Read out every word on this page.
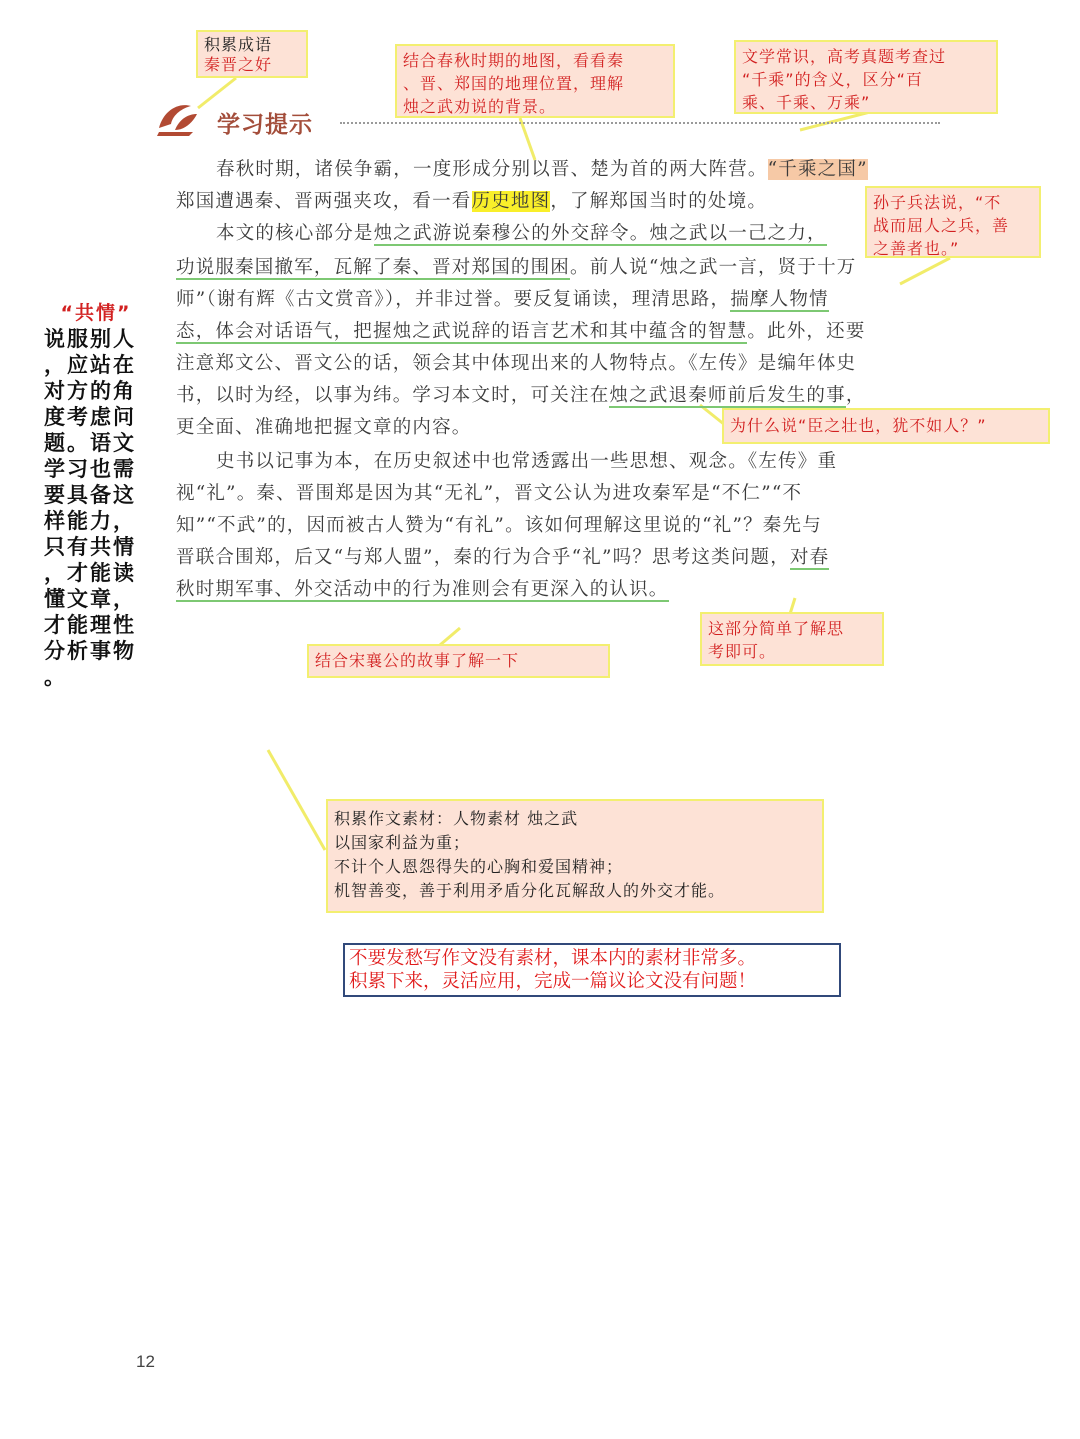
积累成语
秦晋之好	结合春秋时期的地图，看看秦
、晋、郑国的地理位置，理解
烛之武劝说的背景。
文学常识，高考真题考查过
“千乘”的含义，区分“百
乘、千乘、万乘”
孙子兵法说，“不
战而屈人之兵，善
之善者也。”
为什么说“臣之壮也，犹不如人？”
结合宋襄公的故事了解一下
这部分简单了解思
考即可。
积累作文素材：人物素材 烛之武
以国家利益为重；
不计个人恩怨得失的心胸和爱国精神；
机智善变，善于利用矛盾分化瓦解敌人的外交才能。
学习提示
“共情”
说服别人
，应站在
对方的角
度考虑问
题。语文
学习也需
要具备这
样能力，
只有共情
，才能读
懂文章，
才能理性
分析事物
。
春秋时期，诸侯争霸，一度形成分别以晋、楚为首的两大阵营。“千乘之国”
郑国遭遇秦、晋两强夹攻，看一看历史地图，了解郑国当时的处境。
本文的核心部分是烛之武游说秦穆公的外交辞令。烛之武以一己之力，
功说服秦国撤军，瓦解了秦、晋对郑国的围困。前人说“烛之武一言，贤于十万
师”（谢有辉《古文赏音》），并非过誉。要反复诵读，理清思路，揣摩人物情
态，体会对话语气，把握烛之武说辞的语言艺术和其中蕴含的智慧。此外，还要
注意郑文公、晋文公的话，领会其中体现出来的人物特点。《左传》是编年体史
书，以时为经，以事为纬。学习本文时，可关注在烛之武退秦师前后发生的事，
更全面、准确地把握文章的内容。
史书以记事为本，在历史叙述中也常透露出一些思想、观念。《左传》重
视“礼”。秦、晋围郑是因为其“无礼”，晋文公认为进攻秦军是“不仁”“不
知”“不武”的，因而被古人赞为“有礼”。该如何理解这里说的“礼”？秦先与
晋联合围郑，后又“与郑人盟”，秦的行为合乎“礼”吗？思考这类问题，对春
秋时期军事、外交活动中的行为准则会有更深入的认识。
不要发愁写作文没有素材，课本内的素材非常多。
积累下来，灵活应用，完成一篇议论文没有问题！
12
